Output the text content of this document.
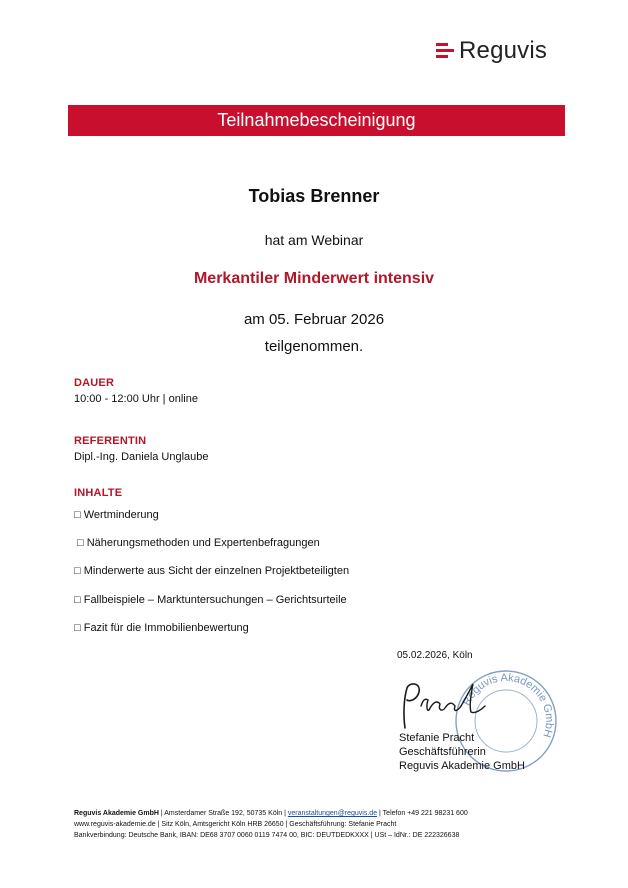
Reguvis
Teilnahmebescheinigung
Tobias Brenner
hat am Webinar
Merkantiler Minderwert intensiv
am 05. Februar 2026
teilgenommen.
DAUER
10:00 - 12:00 Uhr | online
REFERENTIN
Dipl.-Ing. Daniela Unglaube
INHALTE
□ Wertminderung
□ Näherungsmethoden und Expertenbefragungen
□ Minderwerte aus Sicht der einzelnen Projektbeteiligten
□ Fallbeispiele – Marktuntersuchungen – Gerichtsurteile
□ Fazit für die Immobilienbewertung
05.02.2026, Köln
Reguvis Akademie GmbH
Stefanie Pracht
Geschäftsführerin
Reguvis Akademie GmbH
Reguvis Akademie GmbH | Amsterdamer Straße 192, 50735 Köln | veranstaltungen@reguvis.de | Telefon +49 221 98231 600
www.reguvis-akademie.de | Sitz Köln, Amtsgericht Köln HRB 26650 | Geschäftsführung: Stefanie Pracht
Bankverbindung: Deutsche Bank, IBAN: DE68 3707 0060 0119 7474 00, BIC: DEUTDEDKXXX | USt – IdNr.: DE 222326638
